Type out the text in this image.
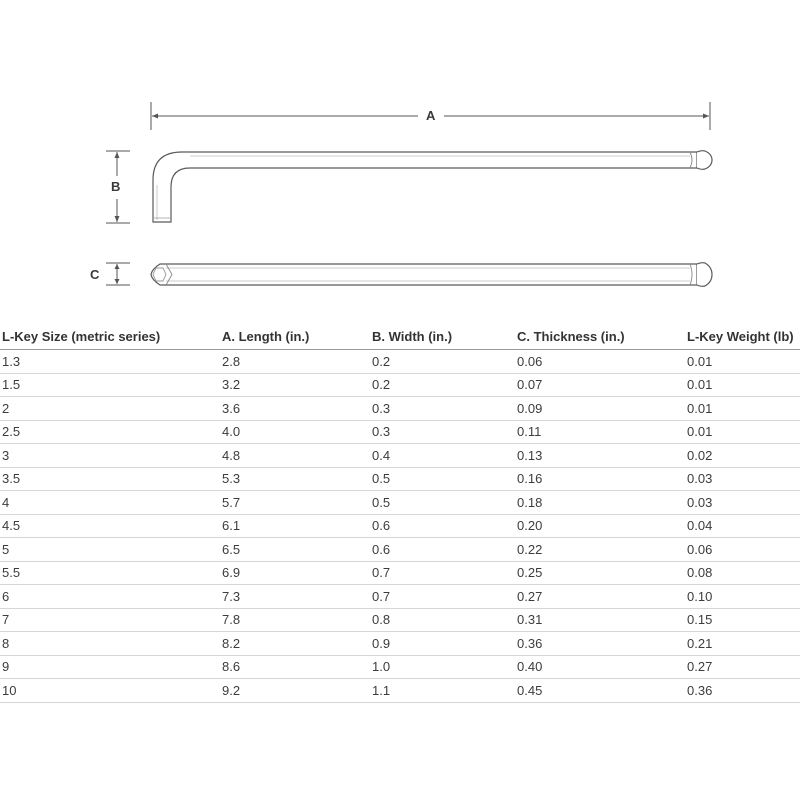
A
B
C
L-Key Size (metric series)	A. Length (in.)	B. Width (in.)	C. Thickness (in.)	L-Key Weight (lb)
1.3	2.8	0.2	0.06	0.01
1.5	3.2	0.2	0.07	0.01
2	3.6	0.3	0.09	0.01
2.5	4.0	0.3	0.11	0.01
3	4.8	0.4	0.13	0.02
3.5	5.3	0.5	0.16	0.03
4	5.7	0.5	0.18	0.03
4.5	6.1	0.6	0.20	0.04
5	6.5	0.6	0.22	0.06
5.5	6.9	0.7	0.25	0.08
6	7.3	0.7	0.27	0.10
7	7.8	0.8	0.31	0.15
8	8.2	0.9	0.36	0.21
9	8.6	1.0	0.40	0.27
10	9.2	1.1	0.45	0.36
